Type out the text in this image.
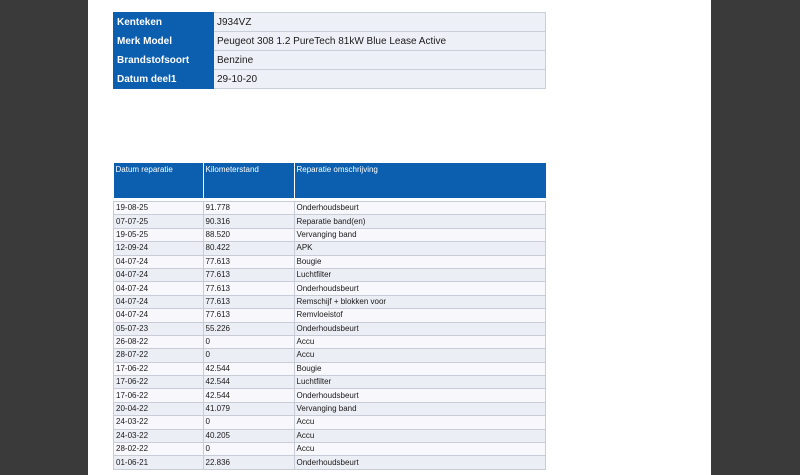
Kenteken	J934VZ
Merk Model	Peugeot 308 1.2 PureTech 81kW Blue Lease Active
Brandstofsoort	Benzine
Datum deel1	29-10-20
Datum reparatie	Kilometerstand	Reparatie omschrijving

19-08-25	91.778	Onderhoudsbeurt
07-07-25	90.316	Reparatie band(en)
19-05-25	88.520	Vervanging band
12-09-24	80.422	APK
04-07-24	77.613	Bougie
04-07-24	77.613	Luchtfilter
04-07-24	77.613	Onderhoudsbeurt
04-07-24	77.613	Remschijf + blokken voor
04-07-24	77.613	Remvloeistof
05-07-23	55.226	Onderhoudsbeurt
26-08-22	0	Accu
28-07-22	0	Accu
17-06-22	42.544	Bougie
17-06-22	42.544	Luchtfilter
17-06-22	42.544	Onderhoudsbeurt
20-04-22	41.079	Vervanging band
24-03-22	0	Accu
24-03-22	40.205	Accu
28-02-22	0	Accu
01-06-21	22.836	Onderhoudsbeurt
